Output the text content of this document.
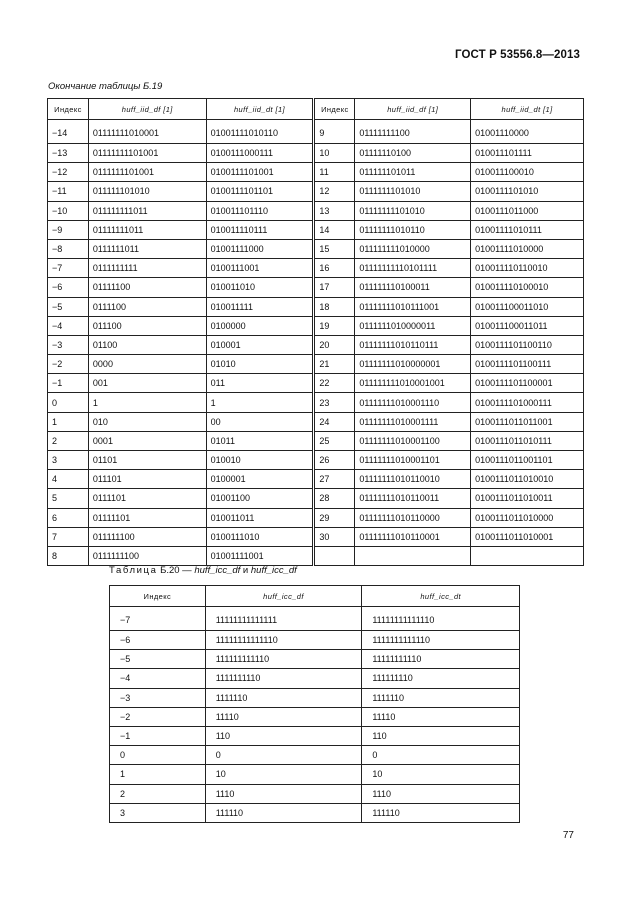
ГОСТ Р 53556.8—2013
Окончание таблицы Б.19
Индекс	huff_iid_df [1]	huff_iid_dt [1]	Индекс	huff_iid_df [1]	huff_iid_dt [1]
−14	01111111010001	01001111010110	9	01111111100	01001110000
−13	01111111101001	0100111000111	10	01111110100	010011101111
−12	0111111101001	0100111101001	11	011111101011	010011100010
−11	011111101010	0100111101101	12	0111111101010	0100111101010
−10	011111111011	010011101110	13	01111111101010	0100111011000
−9	01111111011	010011110111	14	01111111010110	01001111010111
−8	0111111011	01001111000	15	011111111010000	01001111010000
−7	0111111111	0100111001	16	01111111110101111	010011110110010
−6	01111100	010011010	17	011111110100011	010011110100010
−5	0111100	010011111	18	01111111010111001	010011100011010
−4	011100	0100000	19	0111111010000011	010011100011011
−3	01100	010001	20	01111111010110111	0100111101100110
−2	0000	01010	21	01111111010000001	0100111101100111
−1	001	011	22	011111111010001001	0100111101100001
0	1	1	23	01111111010001110	0100111101000111
1	010	00	24	01111111010001111	0100111011011001
2	0001	01011	25	01111111010001100	0100111011010111
3	01101	010010	26	01111111010001101	0100111011001101
4	011101	0100001	27	01111111010110010	0100111011010010
5	0111101	01001100	28	01111111010110011	0100111011010011
6	01111101	010011011	29	01111111010110000	0100111011010000
7	011111100	0100111010	30	01111111010110001	0100111011010001
8	0111111100	01001111001			
Таблица Б.20 — huff_icc_df и huff_icc_df
Индекс	huff_icc_df	huff_icc_dt
−7	11111111111111	11111111111110
−6	11111111111110	1111111111110
−5	111111111110	11111111110
−4	1111111110	111111110
−3	1111110	1111110
−2	11110	11110
−1	110	110
0	0	0
1	10	10
2	1110	1110
3	111110	111110
77
